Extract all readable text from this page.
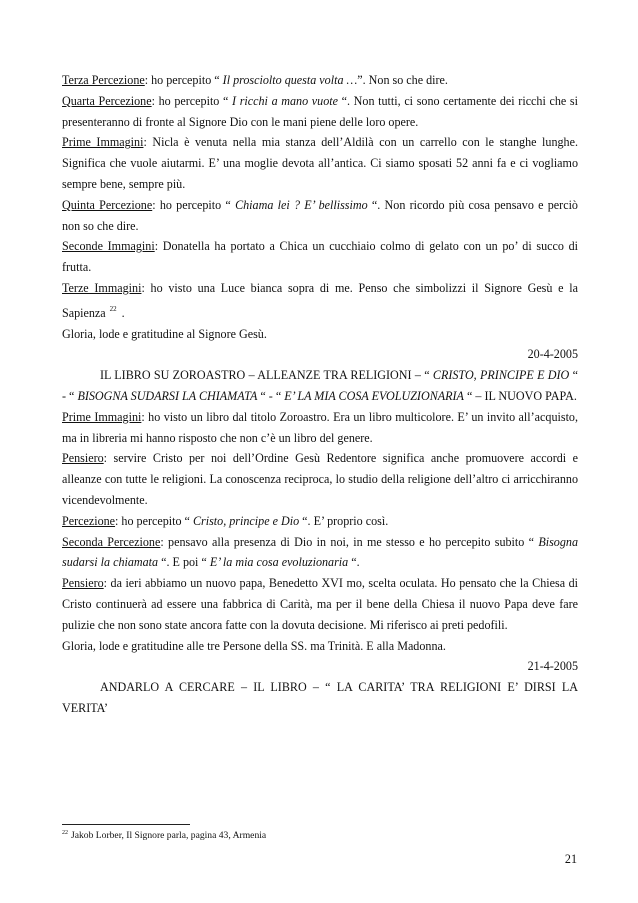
Terza Percezione: ho percepito “ Il prosciolto questa volta …”. Non so che dire.

Quarta Percezione: ho percepito “ I ricchi a mano vuote “. Non tutti, ci sono certamente dei ricchi che si presenteranno di fronte al Signore Dio con le mani piene delle loro opere.

Prime Immagini: Nicla è venuta nella mia stanza dell’Aldilà con un carrello con le stanghe lunghe. Significa che vuole aiutarmi. E’ una moglie devota all’antica. Ci siamo sposati 52 anni fa e ci vogliamo sempre bene, sempre più.

Quinta Percezione: ho percepito “ Chiama lei ? E’ bellissimo “. Non ricordo più cosa pensavo e perciò non so che dire.

Seconde Immagini: Donatella ha portato a Chica un cucchiaio colmo di gelato con un po’ di succo di frutta.

Terze Immagini: ho visto una Luce bianca sopra di me. Penso che simbolizzi il Signore Gesù e la Sapienza $^{22}$ .

Gloria, lode e gratitudine al Signore Gesù.

20-4-2005

IL LIBRO SU ZOROASTRO – ALLEANZE TRA RELIGIONI – “ CRISTO, PRINCIPE E DIO “ - “ BISOGNA SUDARSI LA CHIAMATA “ - “ E’ LA MIA COSA EVOLUZIONARIA “ – IL NUOVO PAPA.

Prime Immagini: ho visto un libro dal titolo Zoroastro. Era un libro multicolore. E’ un invito all’acquisto, ma in libreria mi hanno risposto che non c’è un libro del genere.

Pensiero: servire Cristo per noi dell’Ordine Gesù Redentore significa anche promuovere accordi e alleanze con tutte le religioni. La conoscenza reciproca, lo studio della religione dell’altro ci arricchiranno vicendevolmente.

Percezione: ho percepito “ Cristo, principe e Dio “. E’ proprio così.

Seconda Percezione: pensavo alla presenza di Dio in noi, in me stesso e ho percepito subito “ Bisogna sudarsi la chiamata “. E poi “ E’ la mia cosa evoluzionaria “.

Pensiero: da ieri abbiamo un nuovo papa, Benedetto XVI mo, scelta oculata. Ho pensato che la Chiesa di Cristo continuerà ad essere una fabbrica di Carità, ma per il bene della Chiesa il nuovo Papa deve fare pulizie che non sono state ancora fatte con la dovuta decisione. Mi riferisco ai preti pedofili.

Gloria, lode e gratitudine alle tre Persone della SS. ma Trinità. E alla Madonna.

21-4-2005

ANDARLO A CERCARE – IL LIBRO – “ LA CARITA’ TRA RELIGIONI E’ DIRSI LA VERITA’

$^{22}$ Jakob Lorber, Il Signore parla, pagina 43, Armenia
21
